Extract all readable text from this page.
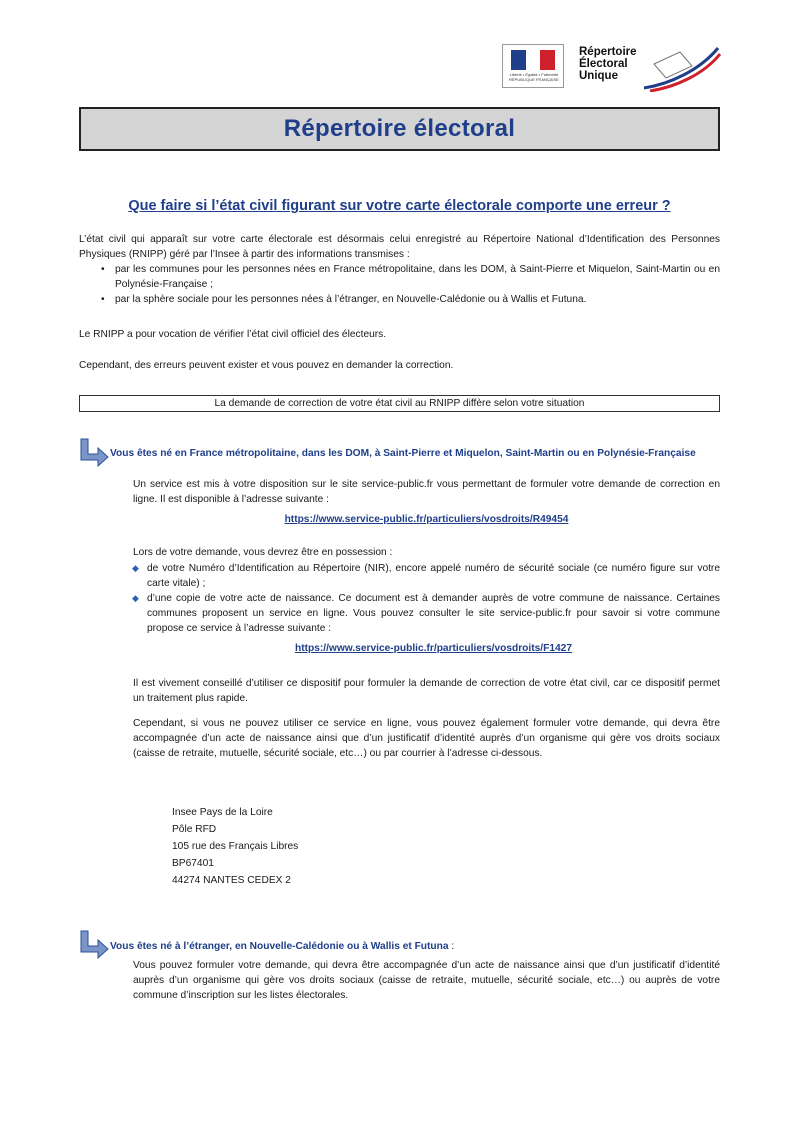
Liberté • Égalité • Fraternité RÉPUBLIQUE FRANÇAISE
Répertoire
Électoral
Unique
Répertoire électoral
Que faire si l’état civil figurant sur votre carte électorale comporte une erreur ?
L’état civil qui apparaît sur votre carte électorale est désormais celui enregistré au Répertoire National d’Identification des Personnes Physiques (RNIPP) géré par l’Insee à partir des informations transmises :
• par les communes pour les personnes nées en France métropolitaine, dans les DOM, à Saint-Pierre et Miquelon, Saint-Martin ou en Polynésie-Française ;
• par la sphère sociale pour les personnes nées à l’étranger, en Nouvelle-Calédonie ou à Wallis et Futuna.
Le RNIPP a pour vocation de vérifier l’état civil officiel des électeurs.
Cependant, des erreurs peuvent exister et vous pouvez en demander la correction.
La demande de correction de votre état civil au RNIPP diffère selon votre situation
Vous êtes né en France métropolitaine, dans les DOM, à Saint-Pierre et Miquelon, Saint-Martin ou en Polynésie-Française
Un service est mis à votre disposition sur le site service-public.fr vous permettant de formuler votre demande de correction en ligne. Il est disponible à l’adresse suivante :
https://www.service-public.fr/particuliers/vosdroits/R49454
Lors de votre demande, vous devrez être en possession :
◆ de votre Numéro d’Identification au Répertoire (NIR), encore appelé numéro de sécurité sociale (ce numéro figure sur votre carte vitale) ;
◆ d’une copie de votre acte de naissance. Ce document est à demander auprès de votre commune de naissance. Certaines communes proposent un service en ligne. Vous pouvez consulter le site service-public.fr pour savoir si votre commune propose ce service à l’adresse suivante :
https://www.service-public.fr/particuliers/vosdroits/F1427
Il est vivement conseillé d’utiliser ce dispositif pour formuler la demande de correction de votre état civil, car ce dispositif permet un traitement plus rapide.
Cependant, si vous ne pouvez utiliser ce service en ligne, vous pouvez également formuler votre demande, qui devra être accompagnée d’un acte de naissance ainsi que d’un justificatif d’identité auprès d’un organisme qui gère vos droits sociaux (caisse de retraite, mutuelle, sécurité sociale, etc…) ou par courrier à l’adresse ci-dessous.
Insee Pays de la Loire
Pôle RFD
105 rue des Français Libres
BP67401
44274 NANTES CEDEX 2
Vous êtes né à l’étranger, en Nouvelle-Calédonie ou à Wallis et Futuna :
Vous pouvez formuler votre demande, qui devra être accompagnée d’un acte de naissance ainsi que d’un justificatif d’identité auprès d’un organisme qui gère vos droits sociaux (caisse de retraite, mutuelle, sécurité sociale, etc…) ou auprès de votre commune d’inscription sur les listes électorales.
